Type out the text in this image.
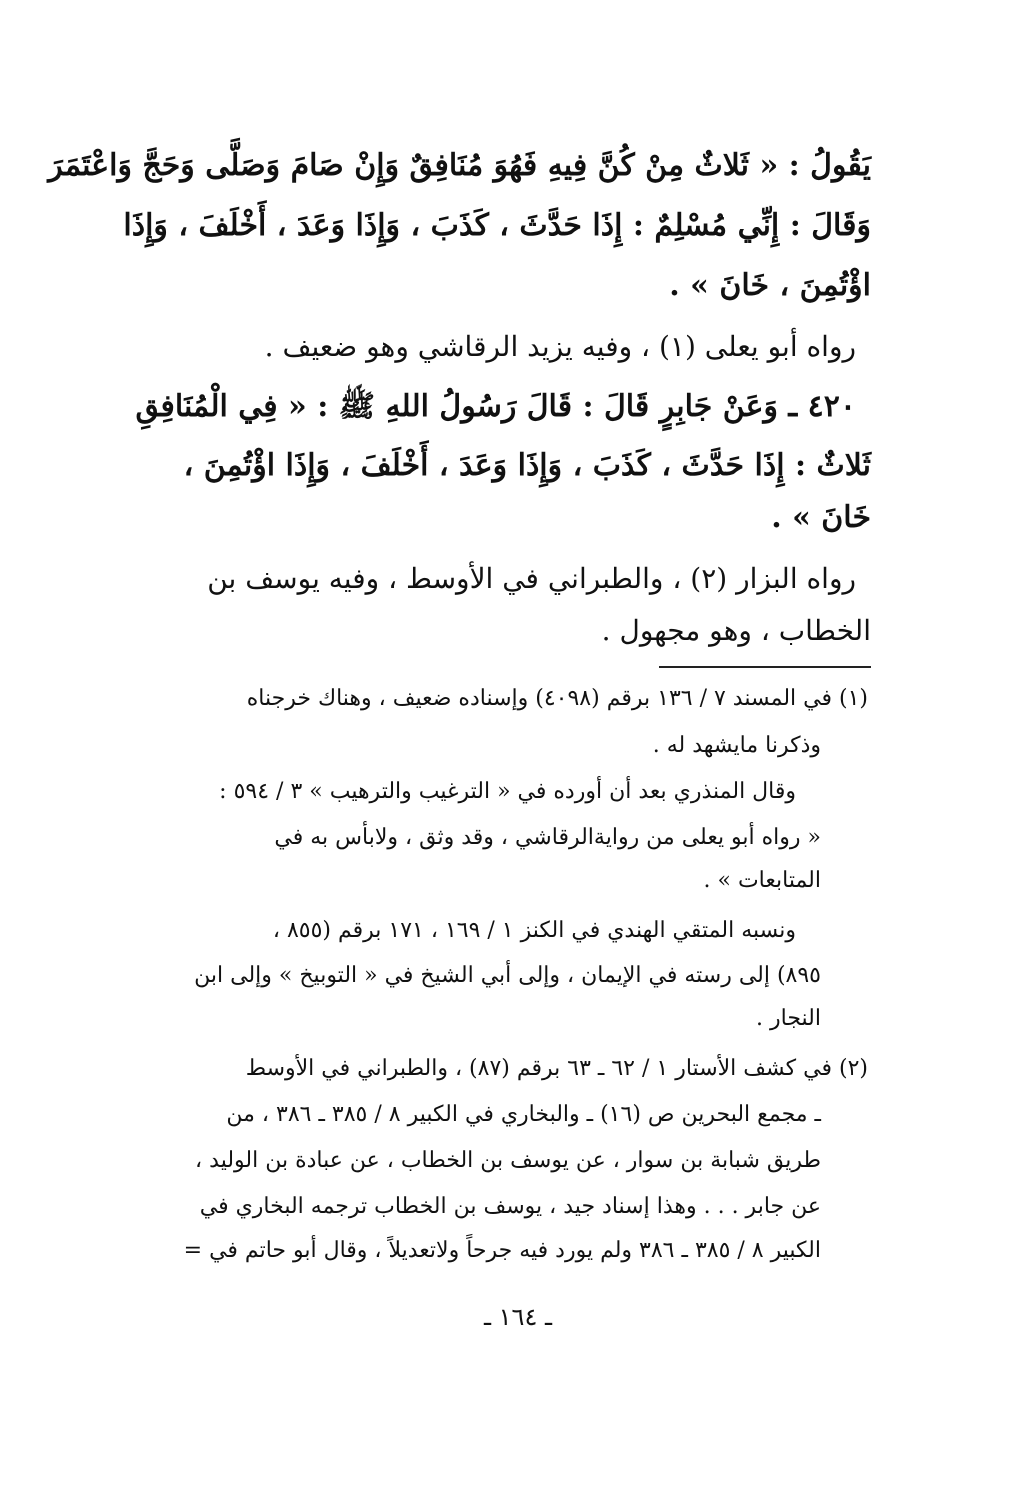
يَقُولُ : « ثَلاثٌ مِنْ كُنَّ فِيهِ فَهُوَ مُنَافِقٌ وَإِنْ صَامَ وَصَلَّى وَحَجَّ وَاعْتَمَرَ

وَقَالَ : إِنِّي مُسْلِمٌ : إِذَا حَدَّثَ ، كَذَبَ ، وَإِذَا وَعَدَ ، أَخْلَفَ ، وَإِذَا

اؤْتُمِنَ ، خَانَ » .

رواه أبو يعلى (١) ، وفيه يزيد الرقاشي وهو ضعيف .

٤٢٠ ـ وَعَنْ جَابِرٍ قَالَ : قَالَ رَسُولُ اللهِ ﷺ : « فِي الْمُنَافِقِ

ثَلاثٌ : إِذَا حَدَّثَ ، كَذَبَ ، وَإِذَا وَعَدَ ، أَخْلَفَ ، وَإِذَا اؤْتُمِنَ ،

خَانَ » .

رواه البزار (٢) ، والطبراني في الأوسط ، وفيه يوسف بن

الخطاب ، وهو مجهول .

(١) في المسند ٧ / ١٣٦ برقم (٤٠٩٨) وإسناده ضعيف ، وهناك خرجناه

وذكرنا مايشهد له .

وقال المنذري بعد أن أورده في « الترغيب والترهيب » ٣ / ٥٩٤ :

« رواه أبو يعلى من روايةالرقاشي ، وقد وثق ، ولابأس به في

المتابعات » .

ونسبه المتقي الهندي في الكنز ١ / ١٦٩ ، ١٧١ برقم (٨٥٥ ،

٨٩٥) إلى رسته في الإيمان ، وإلى أبي الشيخ في « التوبيخ » وإلى ابن

النجار .

(٢) في كشف الأستار ١ / ٦٢ ـ ٦٣ برقم (٨٧) ، والطبراني في الأوسط

ـ مجمع البحرين ص (١٦) ـ والبخاري في الكبير ٨ / ٣٨٥ ـ ٣٨٦ ، من

طريق شبابة بن سوار ، عن يوسف بن الخطاب ، عن عبادة بن الوليد ،

عن جابر . . . وهذا إسناد جيد ، يوسف بن الخطاب ترجمه البخاري في

الكبير ٨ / ٣٨٥ ـ ٣٨٦ ولم يورد فيه جرحاً ولاتعديلاً ، وقال أبو حاتم في =

ـ ١٦٤ ـ
